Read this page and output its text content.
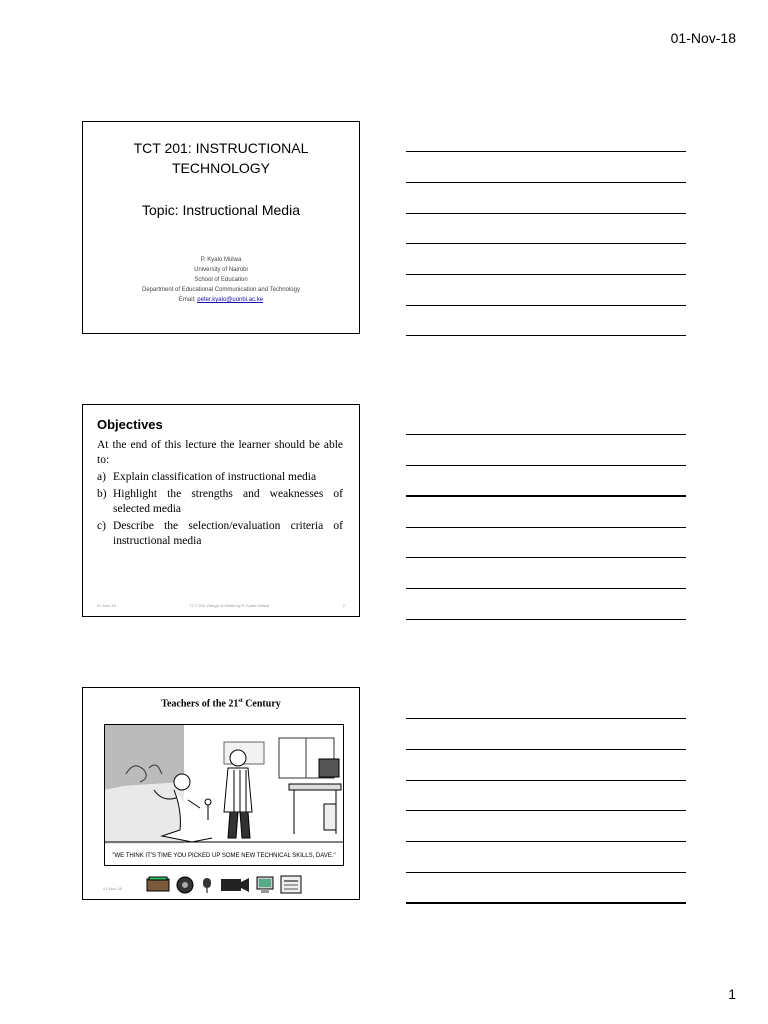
01-Nov-18
TCT 201: INSTRUCTIONAL
TECHNOLOGY
Topic: Instructional Media
P. Kyalo Mulwa
University of Nairobi
School of Education
Department of Educational Communication and Technology
Email: peter.kyalo@uonbi.ac.ke
Objectives

At the end of this lecture the learner should be able to:

a) Explain classification of instructional media
b) Highlight the strengths and weaknesses of selected media
c) Describe the selection/evaluation criteria of instructional media
01-Nov-18	TCT 201: Range of Media by P. Kyalo Mulwa	2
Teachers of the 21st Century
"WE THINK IT'S TIME YOU PICKED UP SOME NEW TECHNICAL SKILLS, DAVE."
01-Nov-18
1
